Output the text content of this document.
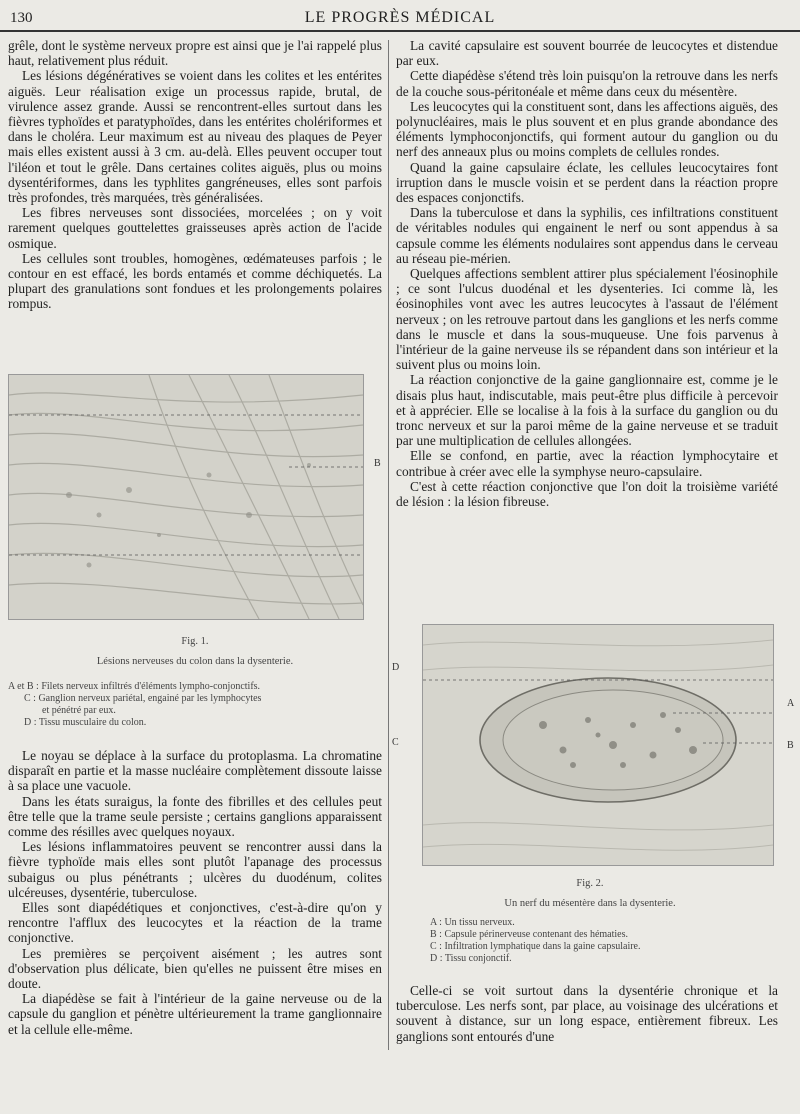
130	LE PROGRÈS MÉDICAL

grêle, dont le système nerveux propre est ainsi que je l'ai rappelé plus haut, relativement plus réduit.

Les lésions dégénératives se voient dans les colites et les entérites aiguës. Leur réalisation exige un processus rapide, brutal, de virulence assez grande. Aussi se rencontrent-elles surtout dans les fièvres typhoïdes et paratyphoïdes, dans les entérites cholériformes et dans le choléra. Leur maximum est au niveau des plaques de Peyer mais elles existent aussi à 3 cm. au-delà. Elles peuvent occuper tout l'iléon et tout le grêle. Dans certaines colites aiguës, plus ou moins dysentériformes, dans les typhlites gangréneuses, elles sont parfois très profondes, très marquées, très généralisées.

Les fibres nerveuses sont dissociées, morcelées ; on y voit rarement quelques gouttelettes graisseuses après action de l'acide osmique.

Les cellules sont troubles, homogènes, œdémateuses parfois ; le contour en est effacé, les bords entamés et comme déchiquetés. La plupart des granulations sont fondues et les prolongements polaires rompus.

B
Fig. 1.
Lésions nerveuses du colon dans la dysenterie.
A et B : Filets nerveux infiltrés d'éléments lympho-conjonctifs.
C : Ganglion nerveux pariétal, engainé par les lymphocytes
et pénétré par eux.
D : Tissu musculaire du colon.

Le noyau se déplace à la surface du protoplasma. La chromatine disparaît en partie et la masse nucléaire complètement dissoute laisse à sa place une vacuole.

Dans les états suraigus, la fonte des fibrilles et des cellules peut être telle que la trame seule persiste ; certains ganglions apparaissent comme des résilles avec quelques noyaux.

Les lésions inflammatoires peuvent se rencontrer aussi dans la fièvre typhoïde mais elles sont plutôt l'apanage des processus subaigus ou plus pénétrants ; ulcères du duodénum, colites ulcéreuses, dysentérie, tuberculose.

Elles sont diapédétiques et conjonctives, c'est-à-dire qu'on y rencontre l'afflux des leucocytes et la réaction de la trame conjonctive.

Les premières se perçoivent aisément ; les autres sont d'observation plus délicate, bien qu'elles ne puissent être mises en doute.

La diapédèse se fait à l'intérieur de la gaine nerveuse ou de la capsule du ganglion et pénètre ultérieurement la trame ganglionnaire et la cellule elle-même.

La cavité capsulaire est souvent bourrée de leucocytes et distendue par eux.

Cette diapédèse s'étend très loin puisqu'on la retrouve dans les nerfs de la couche sous-péritonéale et même dans ceux du mésentère.

Les leucocytes qui la constituent sont, dans les affections aiguës, des polynucléaires, mais le plus souvent et en plus grande abondance des éléments lymphoconjonctifs, qui forment autour du ganglion ou du nerf des anneaux plus ou moins complets de cellules rondes.

Quand la gaine capsulaire éclate, les cellules leucocytaires font irruption dans le muscle voisin et se perdent dans la réaction propre des espaces conjonctifs.

Dans la tuberculose et dans la syphilis, ces infiltrations constituent de véritables nodules qui engainent le nerf ou sont appendus à sa capsule comme les éléments nodulaires sont appendus dans le cerveau au réseau pie-mérien.

Quelques affections semblent attirer plus spécialement l'éosinophile ; ce sont l'ulcus duodénal et les dysenteries. Ici comme là, les éosinophiles vont avec les autres leucocytes à l'assaut de l'élément nerveux ; on les retrouve partout dans les ganglions et les nerfs comme dans le muscle et dans la sous-muqueuse. Une fois parvenus à l'intérieur de la gaine nerveuse ils se répandent dans son intérieur et la suivent plus ou moins loin.

La réaction conjonctive de la gaine ganglionnaire est, comme je le disais plus haut, indiscutable, mais peut-être plus difficile à percevoir et à apprécier. Elle se localise à la fois à la surface du ganglion ou du tronc nerveux et sur la paroi même de la gaine nerveuse et se traduit par une multiplication de cellules allongées.

Elle se confond, en partie, avec la réaction lymphocytaire et contribue à créer avec elle la symphyse neuro-capsulaire.

C'est à cette réaction conjonctive que l'on doit la troisième variété de lésion : la lésion fibreuse.

D
C
A
B
Fig. 2.
Un nerf du mésentère dans la dysenterie.
A : Un tissu nerveux.
B : Capsule périnerveuse contenant des hématies.
C : Infiltration lymphatique dans la gaine capsulaire.
D : Tissu conjonctif.

Celle-ci se voit surtout dans la dysentérie chronique et la tuberculose. Les nerfs sont, par place, au voisinage des ulcérations et souvent à distance, sur un long espace, entièrement fibreux. Les ganglions sont entourés d'une
